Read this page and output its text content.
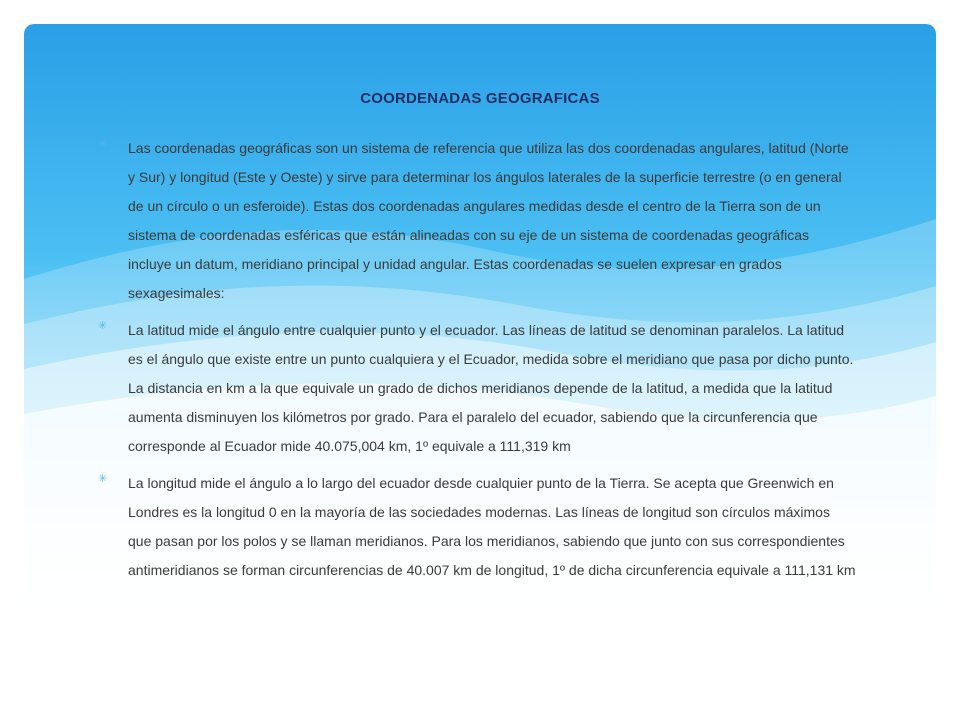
COORDENADAS GEOGRAFICAS
✳ Las coordenadas geográficas son un sistema de referencia que utiliza las dos coordenadas angulares, latitud (Norte y Sur) y longitud (Este y Oeste) y sirve para determinar los ángulos laterales de la superficie terrestre (o en general de un círculo o un esferoide). Estas dos coordenadas angulares medidas desde el centro de la Tierra son de un sistema de coordenadas esféricas que están alineadas con su eje de un sistema de coordenadas geográficas incluye un datum, meridiano principal y unidad angular. Estas coordenadas se suelen expresar en grados sexagesimales:
✳ La latitud mide el ángulo entre cualquier punto y el ecuador. Las líneas de latitud se denominan paralelos. La latitud es el ángulo que existe entre un punto cualquiera y el Ecuador, medida sobre el meridiano que pasa por dicho punto. La distancia en km a la que equivale un grado de dichos meridianos depende de la latitud, a medida que la latitud aumenta disminuyen los kilómetros por grado. Para el paralelo del ecuador, sabiendo que la circunferencia que corresponde al Ecuador mide 40.075,004 km, 1º equivale a 111,319 km
✳ La longitud mide el ángulo a lo largo del ecuador desde cualquier punto de la Tierra. Se acepta que Greenwich en Londres es la longitud 0 en la mayoría de las sociedades modernas. Las líneas de longitud son círculos máximos que pasan por los polos y se llaman meridianos. Para los meridianos, sabiendo que junto con sus correspondientes antimeridianos se forman circunferencias de 40.007 km de longitud, 1º de dicha circunferencia equivale a 111,131 km
